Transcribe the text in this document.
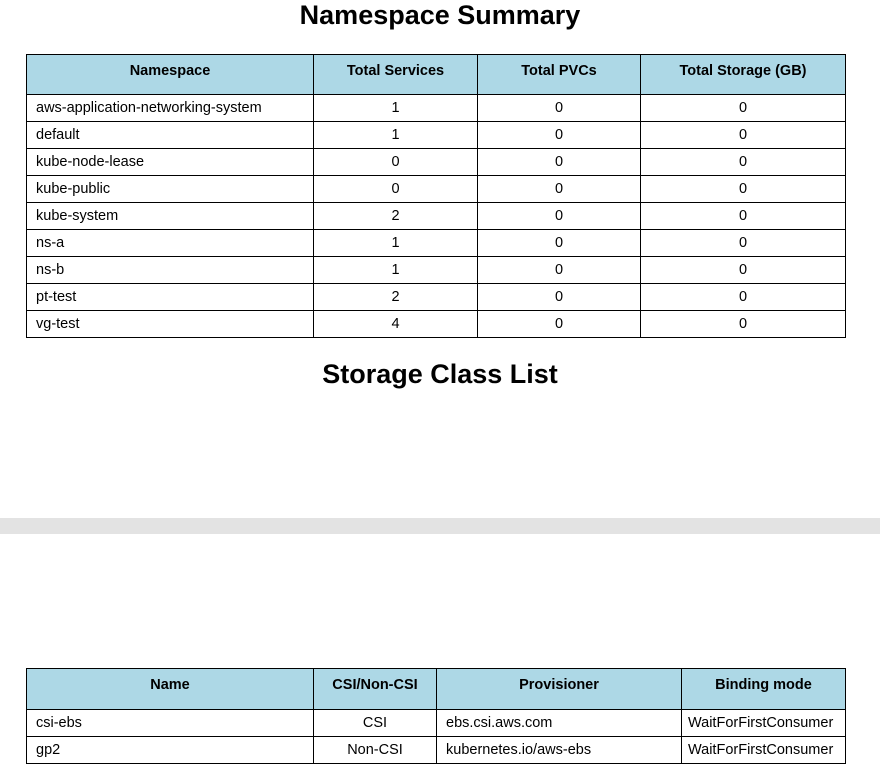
Namespace Summary
Namespace	Total Services	Total PVCs	Total Storage (GB)
aws-application-networking-system	1	0	0
default	1	0	0
kube-node-lease	0	0	0
kube-public	0	0	0
kube-system	2	0	0
ns-a	1	0	0
ns-b	1	0	0
pt-test	2	0	0
vg-test	4	0	0
Storage Class List
Name	CSI/Non-CSI	Provisioner	Binding mode
csi-ebs	CSI	ebs.csi.aws.com	WaitForFirstConsumer
gp2	Non-CSI	kubernetes.io/aws-ebs	WaitForFirstConsumer
